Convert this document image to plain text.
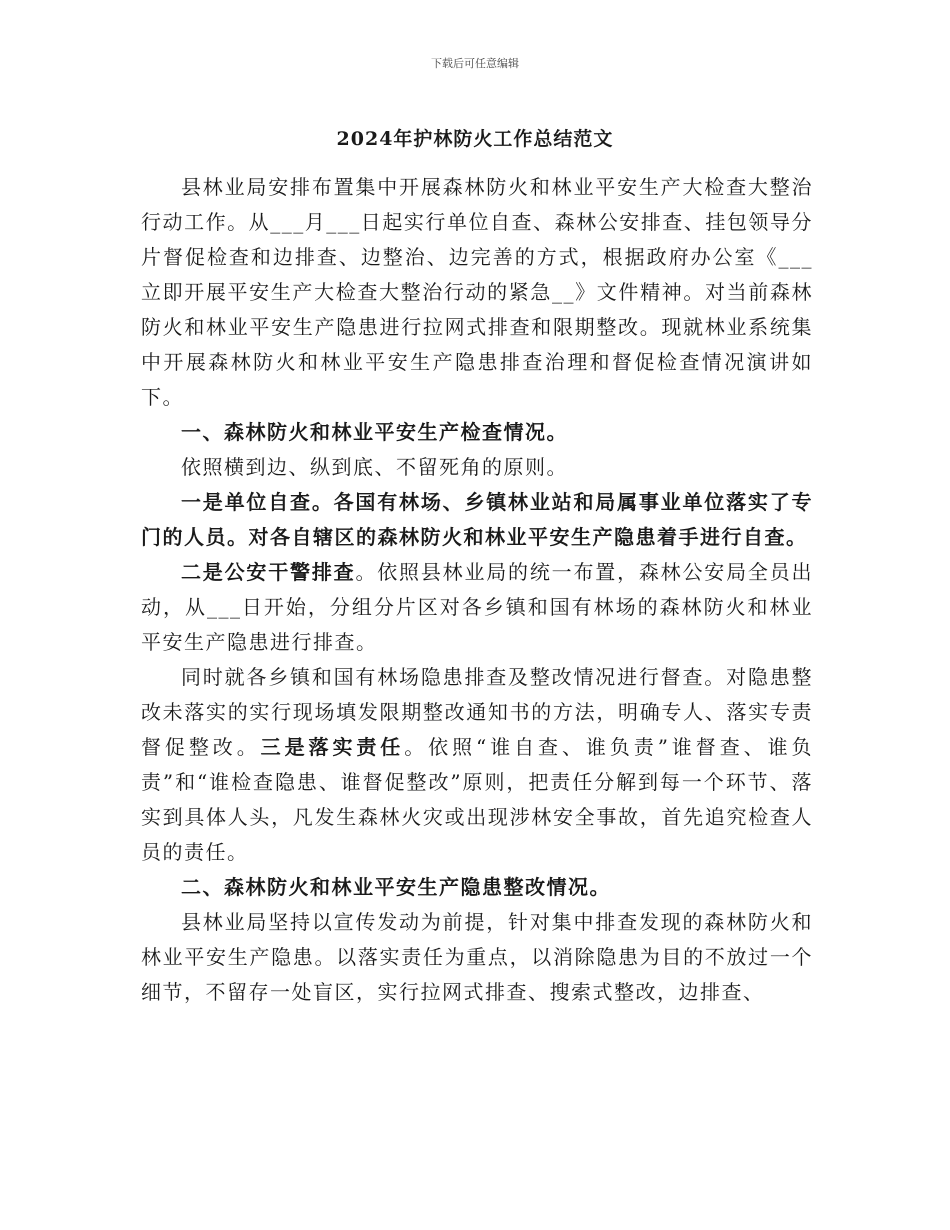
下载后可任意编辑
2024年护林防火工作总结范文

县林业局安排布置集中开展森林防火和林业平安生产大检查大整治行动工作。从___月___日起实行单位自查、森林公安排查、挂包领导分片督促检查和边排查、边整治、边完善的方式，根据政府办公室《___立即开展平安生产大检查大整治行动的紧急__》文件精神。对当前森林防火和林业平安生产隐患进行拉网式排查和限期整改。现就林业系统集中开展森林防火和林业平安生产隐患排查治理和督促检查情况演讲如下。

一、森林防火和林业平安生产检查情况。

依照横到边、纵到底、不留死角的原则。

一是单位自查。各国有林场、乡镇林业站和局属事业单位落实了专门的人员。对各自辖区的森林防火和林业平安生产隐患着手进行自查。

二是公安干警排查。依照县林业局的统一布置，森林公安局全员出动，从___日开始，分组分片区对各乡镇和国有林场的森林防火和林业平安生产隐患进行排查。

同时就各乡镇和国有林场隐患排查及整改情况进行督查。对隐患整改未落实的实行现场填发限期整改通知书的方法，明确专人、落实专责督促整改。三是落实责任。依照“谁自查、谁负责”谁督查、谁负责”和“谁检查隐患、谁督促整改”原则，把责任分解到每一个环节、落实到具体人头，凡发生森林火灾或出现涉林安全事故，首先追究检查人员的责任。

二、森林防火和林业平安生产隐患整改情况。

县林业局坚持以宣传发动为前提，针对集中排查发现的森林防火和林业平安生产隐患。以落实责任为重点，以消除隐患为目的不放过一个细节，不留存一处盲区，实行拉网式排查、搜索式整改，边排查、
